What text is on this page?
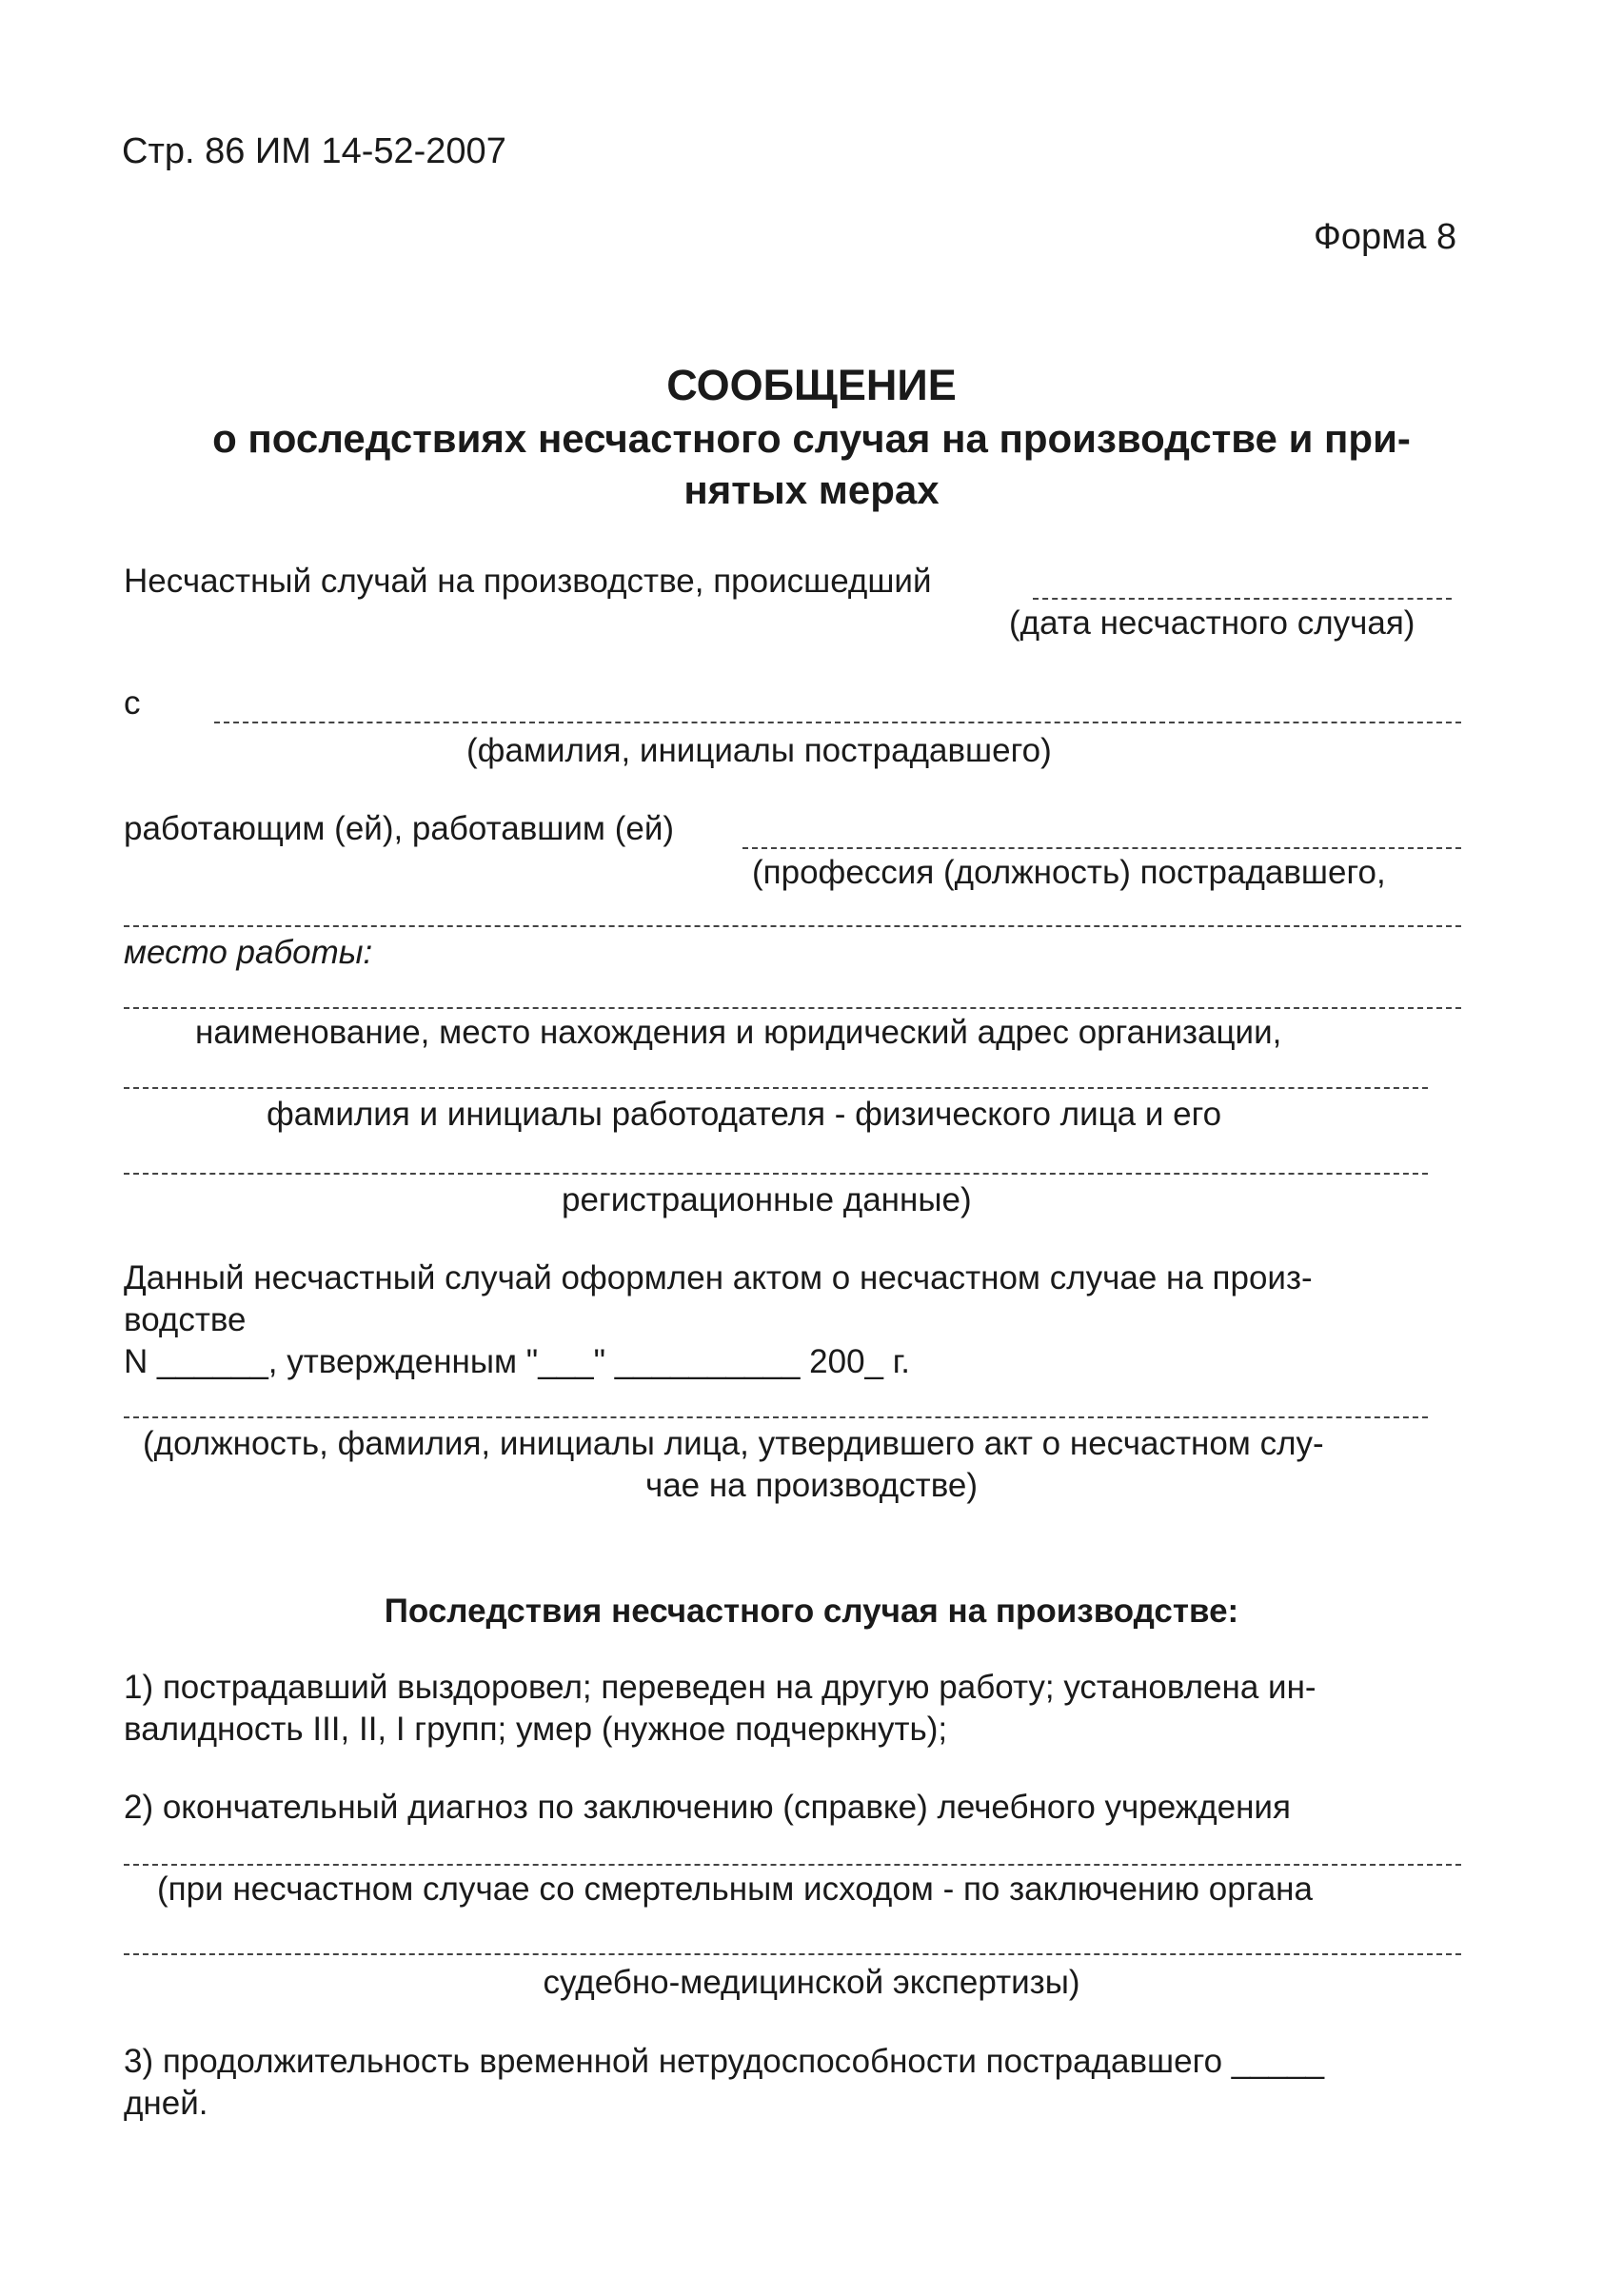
Стр. 86 ИМ 14-52-2007
Форма 8
СООБЩЕНИЕ
о последствиях несчастного случая на производстве и при-
нятых мерах
Несчастный случай на производстве, происшедший
(дата несчастного случая)
с
(фамилия, инициалы пострадавшего)
работающим (ей), работавшим (ей)
(профессия (должность) пострадавшего,
место работы:
наименование, место нахождения и юридический адрес организации,
фамилия и инициалы работодателя - физического лица и его
регистрационные данные)
Данный несчастный случай оформлен актом о несчастном случае на произ-
водстве
N ______, утвержденным "___" __________ 200_ г.
(должность, фамилия, инициалы лица, утвердившего акт о несчастном слу-
чае на производстве)
Последствия несчастного случая на производстве:
1) пострадавший выздоровел; переведен на другую работу; установлена ин-
валидность III, II, I групп; умер (нужное подчеркнуть);
2) окончательный диагноз по заключению (справке) лечебного учреждения
(при несчастном случае со смертельным исходом - по заключению органа
судебно-медицинской экспертизы)
3) продолжительность временной нетрудоспособности пострадавшего _____
дней.
